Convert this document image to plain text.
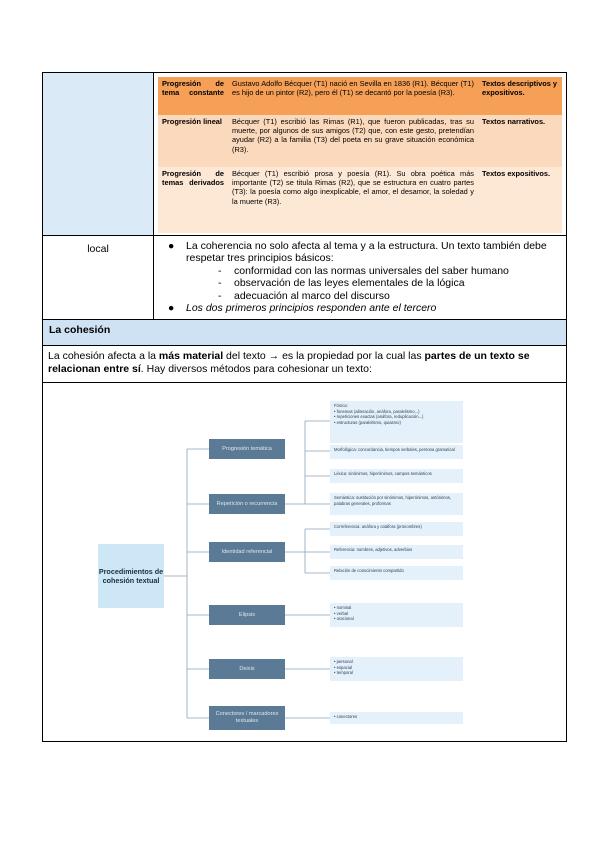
Progresión de tema constante
Gustavo Adolfo Bécquer (T1) nació en Sevilla en 1836 (R1). Bécquer (T1) es hijo de un pintor (R2), pero él (T1) se decantó por la poesía (R3).
Textos descriptivos y expositivos.
Progresión lineal	Bécquer (T1) escribió las Rimas (R1), que fueron publicadas, tras su muerte, por algunos de sus amigos (T2) que, con este gesto, pretendían ayudar (R2) a la familia (T3) del poeta en su grave situación económica (R3).
Textos narrativos.
Progresión de temas derivados
Bécquer (T1) escribió prosa y poesía (R1). Su obra poética más importante (T2) se titula Rimas (R2), que se estructura en cuatro partes (T3): la poesía como algo inexplicable, el amor, el desamor, la soledad y la muerte (R3).
Textos expositivos.
local	● La coherencia no solo afecta al tema y a la estructura. Un texto también debe respetar tres principios básicos:
- conformidad con las normas universales del saber humano
- observación de las leyes elementales de la lógica
- adecuación al marco del discurso
● Los dos primeros principios responden ante el tercero
La cohesión
La cohesión afecta a la más material del texto → es la propiedad por la cual las partes de un texto se relacionan entre sí. Hay diversos métodos para cohesionar un texto:
Procedimientos de cohesión textual
Progresión temática
Repetición o recurrencia
Identidad referencial
Elipsis
Deixis
Conectores / marcadores textuales
Fónica:
• fonemas (aliteración, anáfora, paralelismo...)
• repeticiones exactas (anáfora, reduplicación...)
• estructuras (paralelismo, quiasmo)
Morfológica: concordancia, tiempos verbales, persona gramatical
Léxica: sinónimos, hiperónimos, campos semánticos
Semántica: sustitución por sinónimos, hiperónimos, antónimos, palabras generales, proformas
Correferencia: anáfora y catáfora (pronombres)
Referencia: nombres, adjetivos, adverbios
Relación de conocimiento compartido
• nominal
• verbal
• oracional
• personal
• espacial
• temporal
• conectores
